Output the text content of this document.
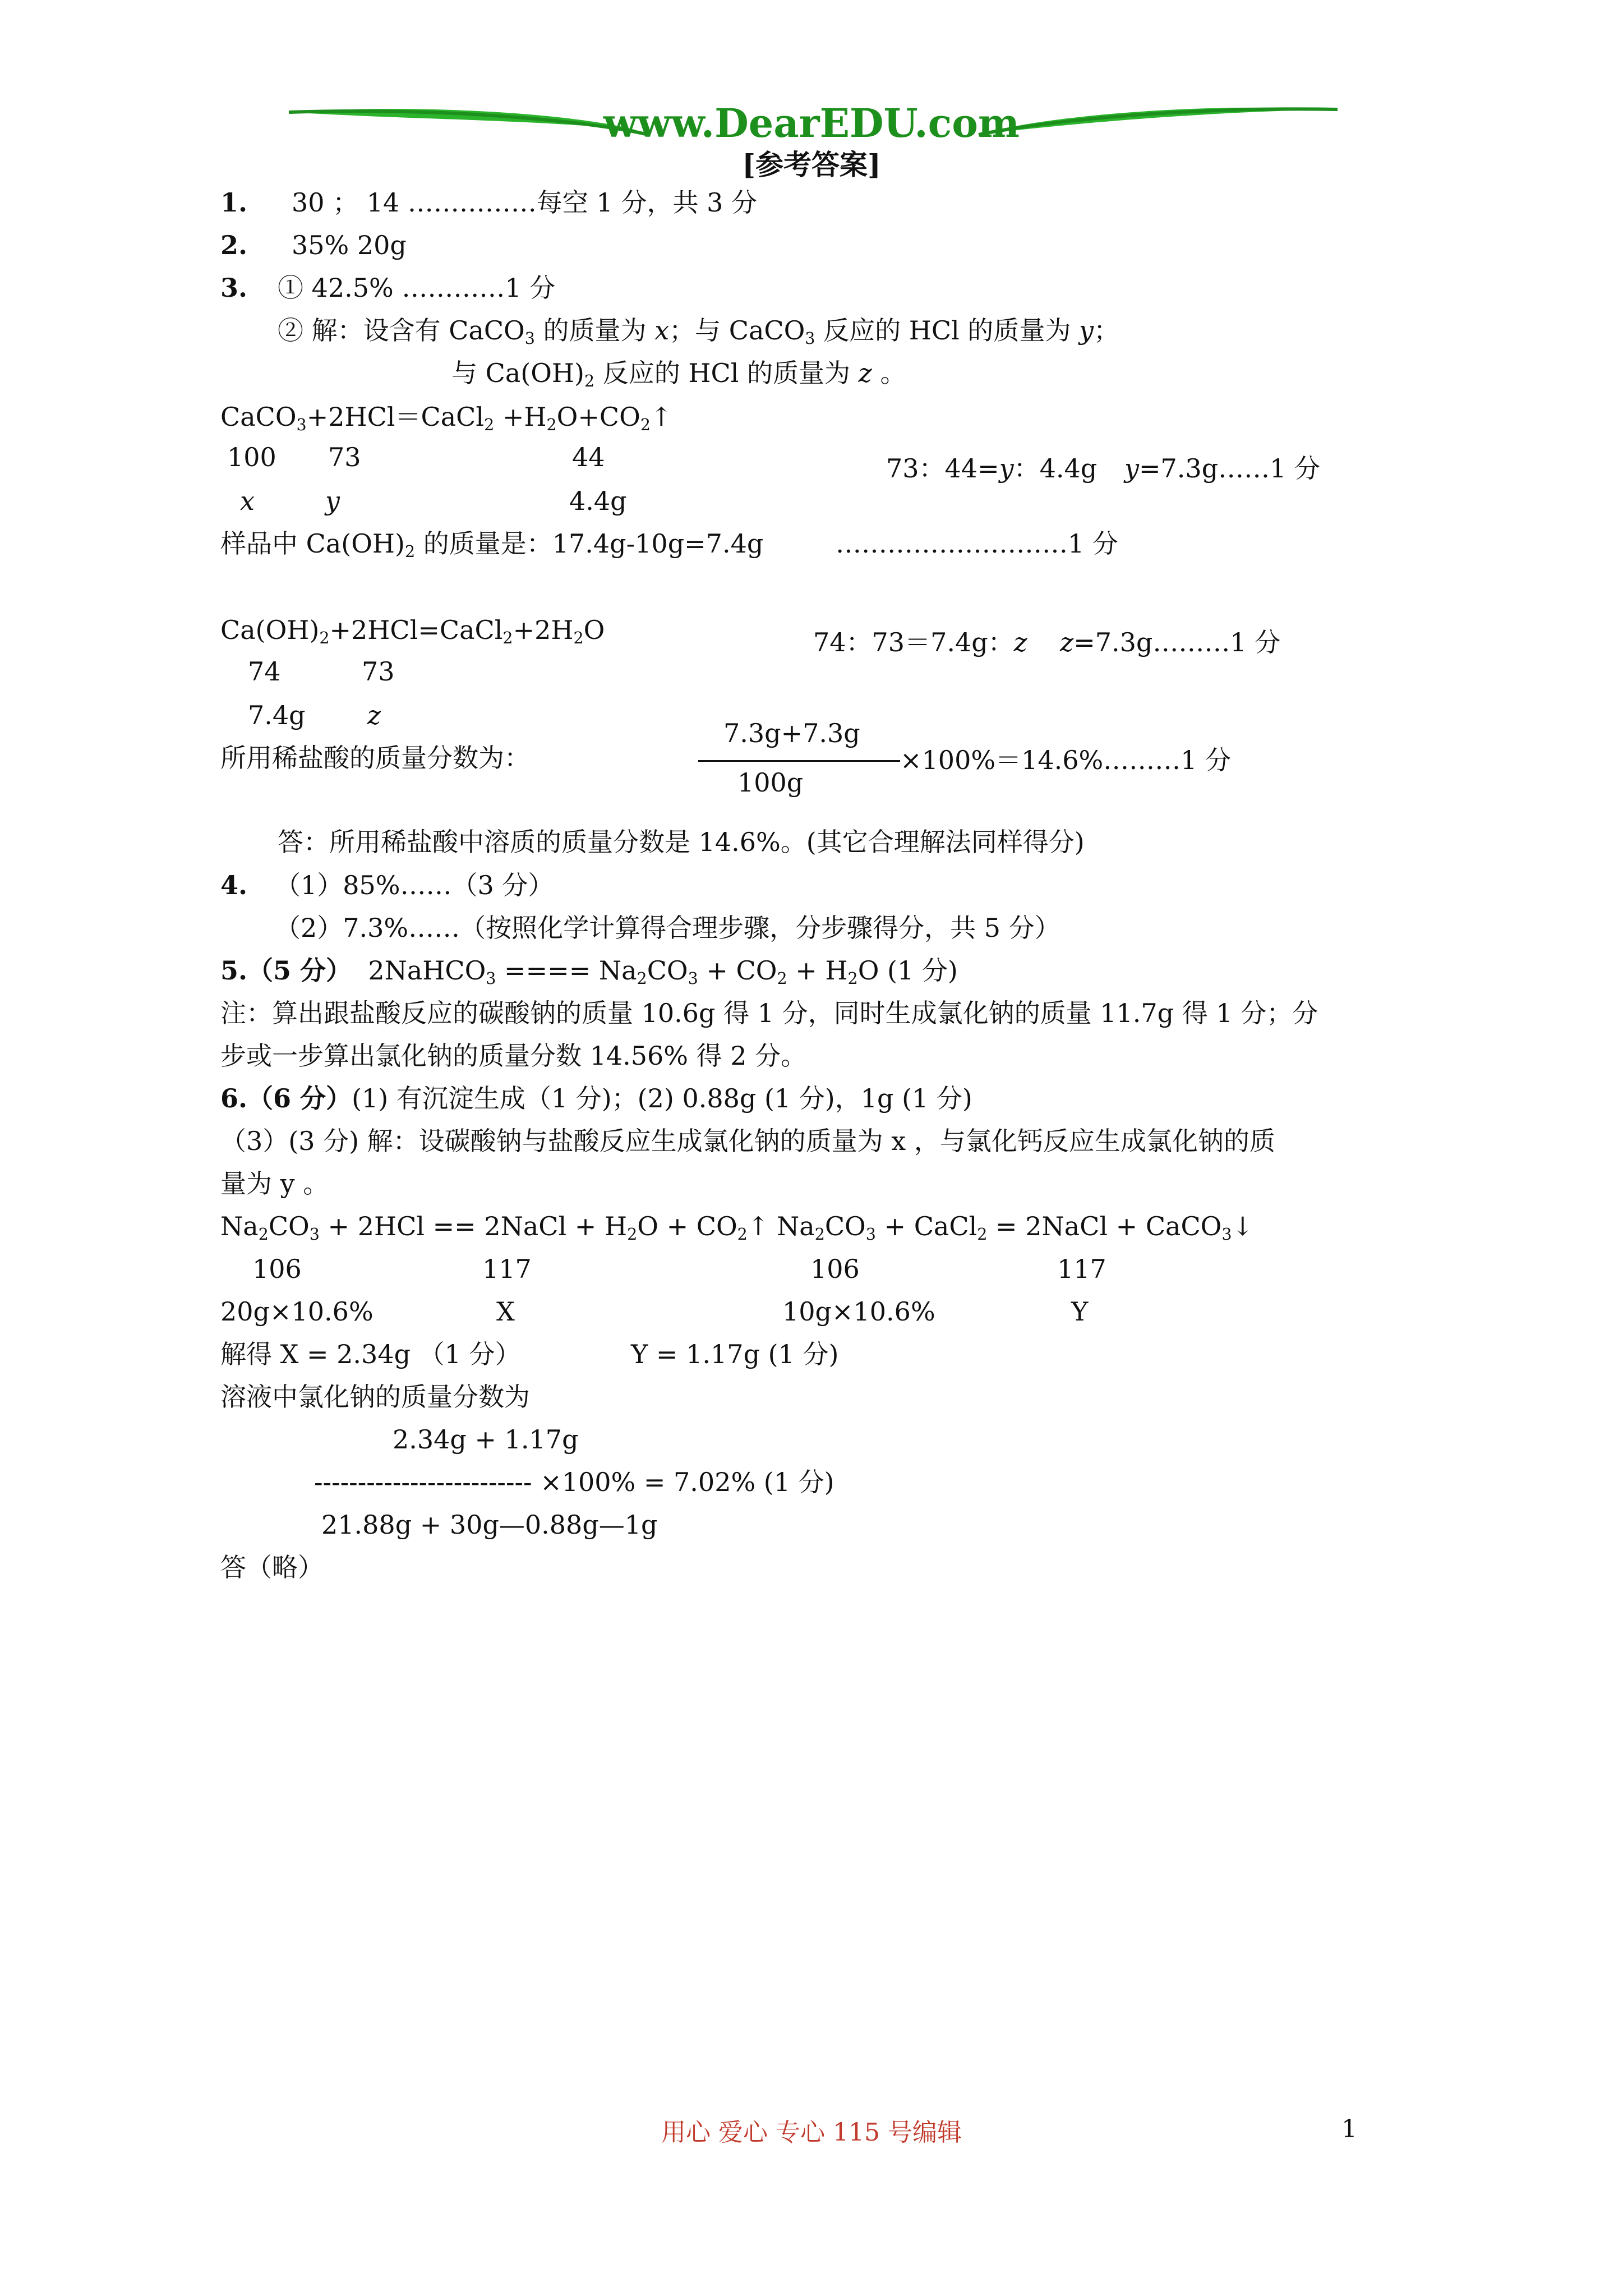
www.DearEDU.com
[参考答案]
1. 30 ； 14 ……………每空 1 分，共 3 分
2. 35% 20g
3. ① 42.5% …………1 分
② 解：设含有 CaCO$_3$ 的质量为 x；与 CaCO$_3$ 反应的 HCl 的质量为 y；
与 $Ca(OH)_2$ 反应的 HCl 的质量为 z 。
CaCO$_3$+2HCl＝CaCl$_2$ $+H_2O+CO_2↑$
100 73	44
x	y	4.4g
73：44=y：4.4g y=7.3g……1 分
样品中 $Ca(OH)_2$ 的质量是：17.4g-10g=7.4g	………………………1 分
$Ca(OH)_2+2HCl=CaCl_2+2H_2O$
74	73
7.4g z
74：73＝7.4g：z z=7.3g………1 分
所用稀盐酸的质量分数为：
7.3g+7.3g
100g
×100%＝14.6%………1 分
答：所用稀盐酸中溶质的质量分数是 14.6%。(其它合理解法同样得分)
4. （1）85%……（3 分）
（2）7.3%……（按照化学计算得合理步骤，分步骤得分，共 5 分）
5.（5 分） 2NaHCO$_3$ ==== $Na_2CO_3 + CO_2 + H_2O$ (1 分)
注：算出跟盐酸反应的碳酸钠的质量 10.6g 得 1 分，同时生成氯化钠的质量 11.7g 得 1 分；分
步或一步算出氯化钠的质量分数 14.56% 得 2 分。
6.（6 分）(1) 有沉淀生成（1 分)；(2) 0.88g (1 分)，1g (1 分)
（3）(3 分) 解：设碳酸钠与盐酸反应生成氯化钠的质量为 x ，与氯化钙反应生成氯化钠的质
量为 y 。
$Na_2CO_3 + 2HCl$ == 2NaCl + $H_2O$ + $CO_2↑$ $Na_2CO_3$ + CaCl$_2$ = 2NaCl + CaCO$_3$↓
106	117	106	117
20g×10.6%	X	10g×10.6%	Y
解得 X = 2.34g （1 分）	Y = 1.17g (1 分)
溶液中氯化钠的质量分数为
2.34g + 1.17g
------------------------- ×100% = 7.02% (1 分)
21.88g + 30g—0.88g—1g
答（略）
用心 爱心 专心 115 号编辑	1
